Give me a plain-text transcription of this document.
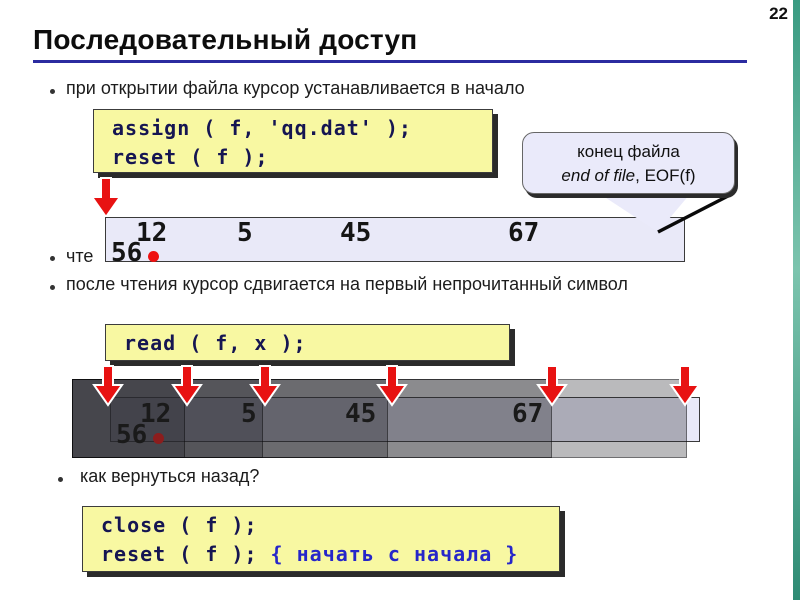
22
Последовательный доступ
при открытии файла курсор устанавливается в начало
assign ( f, 'qq.dat' );
reset ( f );
чте
12	5	45	67
56
конец файла
end of file, EOF(f)
после чтения курсор сдвигается на первый непрочитанный символ
read ( f, x );
12	5	45	67
56
как вернуться назад?
close ( f );
reset ( f ); { начать с начала }
